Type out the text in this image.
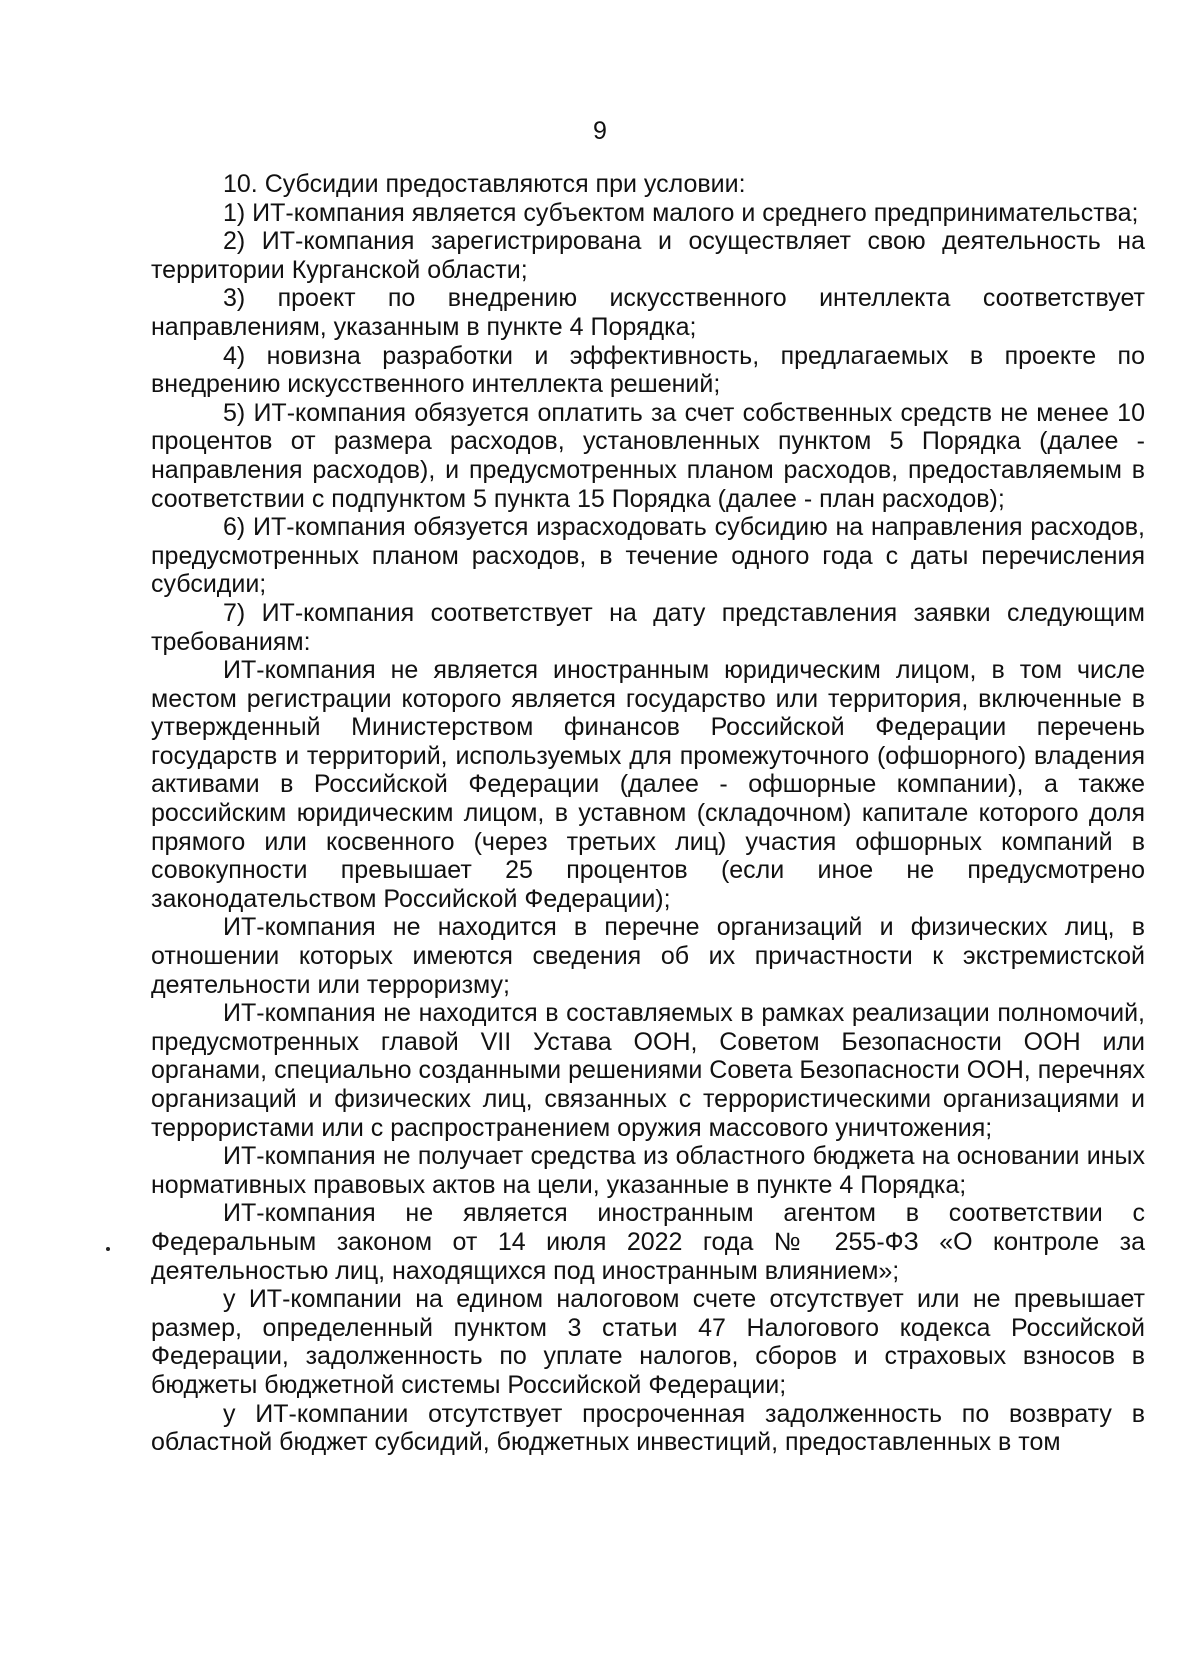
9

10. Субсидии предоставляются при условии:

1) ИТ-компания является субъектом малого и среднего предпринимательства;

2) ИТ-компания зарегистрирована и осуществляет свою деятельность на территории Курганской области;

3) проект по внедрению искусственного интеллекта соответствует направлениям, указанным в пункте 4 Порядка;

4) новизна разработки и эффективность, предлагаемых в проекте по внедрению искусственного интеллекта решений;

5) ИТ-компания обязуется оплатить за счет собственных средств не менее 10 процентов от размера расходов, установленных пунктом 5 Порядка (далее - направления расходов), и предусмотренных планом расходов, предоставляемым в соответствии с подпунктом 5 пункта 15 Порядка (далее - план расходов);

6) ИТ-компания обязуется израсходовать субсидию на направления расходов, предусмотренных планом расходов, в течение одного года с даты перечисления субсидии;

7) ИТ-компания соответствует на дату представления заявки следующим требованиям:

ИТ-компания не является иностранным юридическим лицом, в том числе местом регистрации которого является государство или территория, включенные в утвержденный Министерством финансов Российской Федерации перечень государств и территорий, используемых для промежуточного (офшорного) владения активами в Российской Федерации (далее - офшорные компании), а также российским юридическим лицом, в уставном (складочном) капитале которого доля прямого или косвенного (через третьих лиц) участия офшорных компаний в совокупности превышает 25 процентов (если иное не предусмотрено законодательством Российской Федерации);

ИТ-компания не находится в перечне организаций и физических лиц, в отношении которых имеются сведения об их причастности к экстремистской деятельности или терроризму;

ИТ-компания не находится в составляемых в рамках реализации полномочий, предусмотренных главой VII Устава ООН, Советом Безопасности ООН или органами, специально созданными решениями Совета Безопасности ООН, перечнях организаций и физических лиц, связанных с террористическими организациями и террористами или с распространением оружия массового уничтожения;

ИТ-компания не получает средства из областного бюджета на основании иных нормативных правовых актов на цели, указанные в пункте 4 Порядка;

ИТ-компания не является иностранным агентом в соответствии с Федеральным законом от 14 июля 2022 года № 255-ФЗ «О контроле за деятельностью лиц, находящихся под иностранным влиянием»;

у ИТ-компании на едином налоговом счете отсутствует или не превышает размер, определенный пунктом 3 статьи 47 Налогового кодекса Российской Федерации, задолженность по уплате налогов, сборов и страховых взносов в бюджеты бюджетной системы Российской Федерации;

у ИТ-компании отсутствует просроченная задолженность по возврату в областной бюджет субсидий, бюджетных инвестиций, предоставленных в том
